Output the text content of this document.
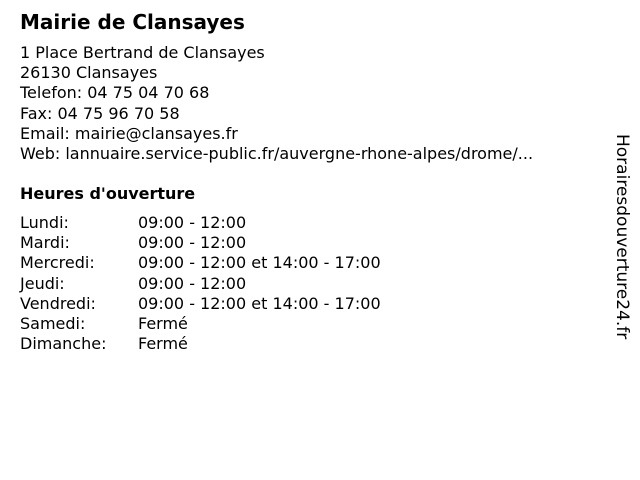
Mairie de Clansayes
1 Place Bertrand de Clansayes
26130 Clansayes
Telefon: 04 75 04 70 68
Fax: 04 75 96 70 58
Email: mairie@clansayes.fr
Web: lannuaire.service-public.fr/auvergne-rhone-alpes/drome/...
Heures d'ouverture
Lundi:	09:00 - 12:00
Mardi:	09:00 - 12:00
Mercredi:	09:00 - 12:00 et 14:00 - 17:00
Jeudi:	09:00 - 12:00
Vendredi:	09:00 - 12:00 et 14:00 - 17:00
Samedi:	Fermé
Dimanche: Fermé
Horairesdouverture24.fr
